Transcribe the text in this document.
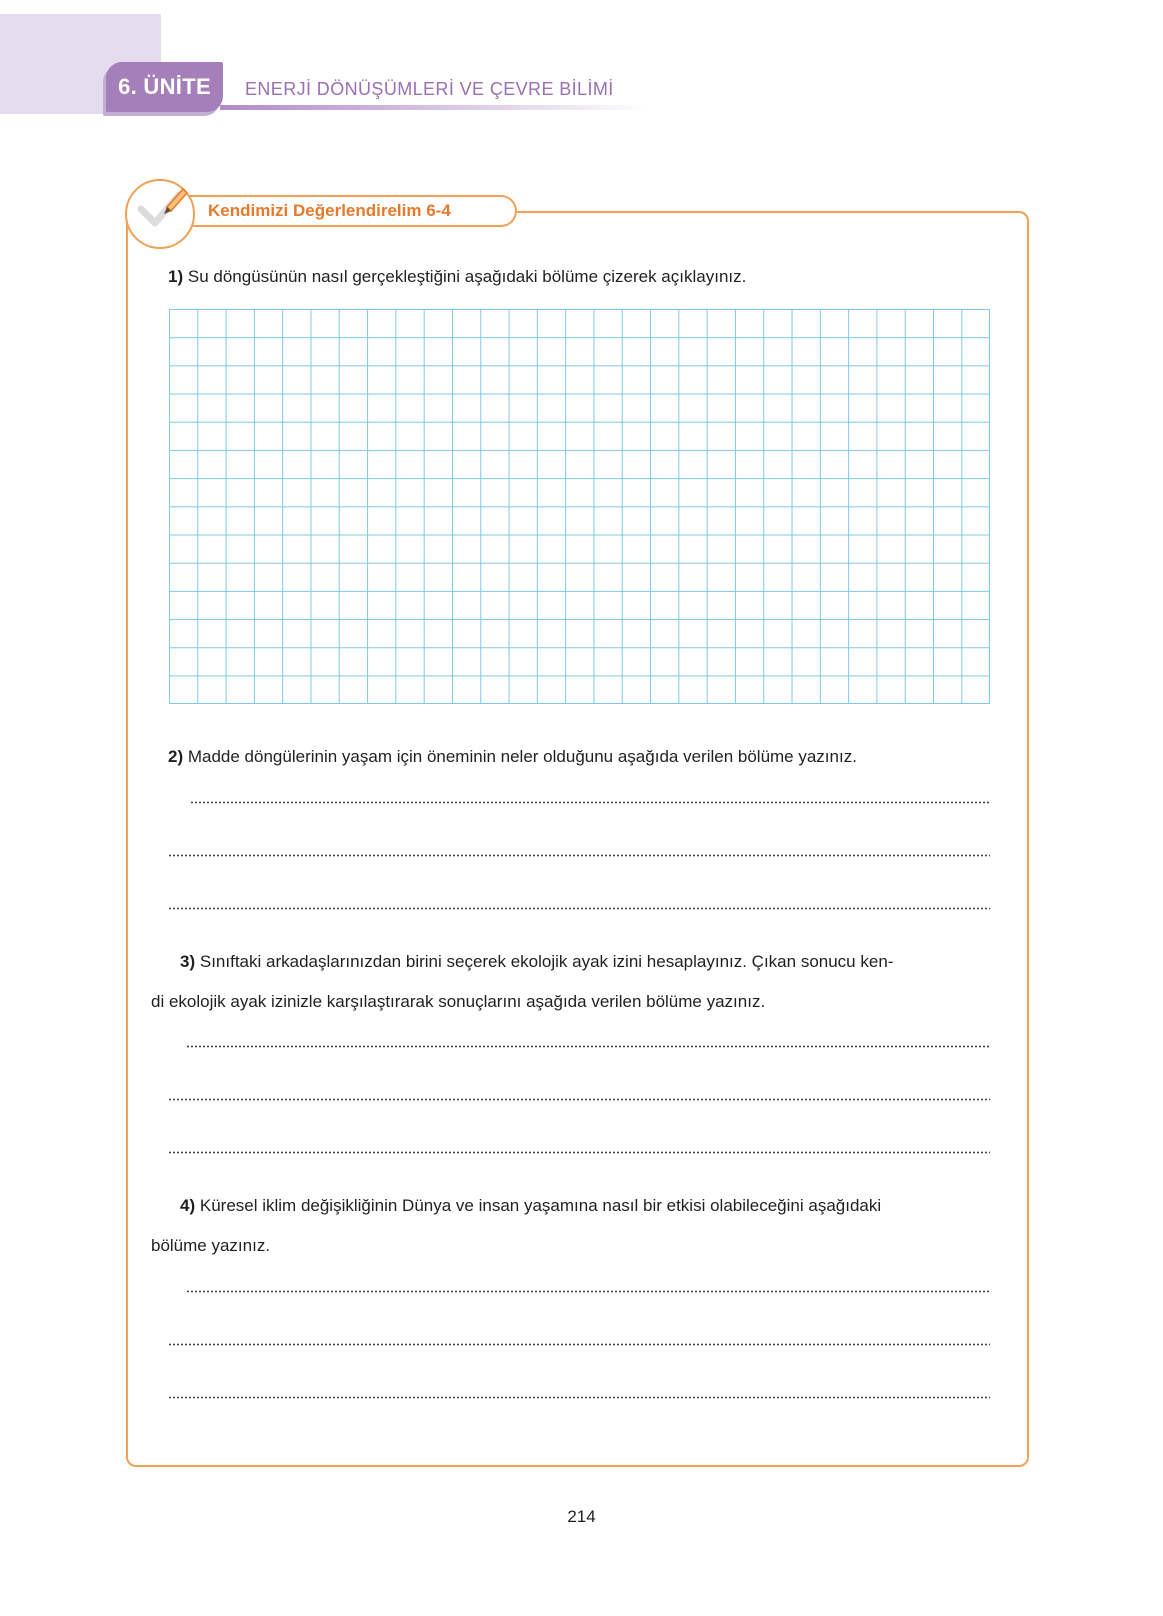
6. ÜNİTE	ENERJİ DÖNÜŞÜMLERİ VE ÇEVRE BİLİMİ
Kendimizi Değerlendirelim 6-4
1) Su döngüsünün nasıl gerçekleştiğini aşağıdaki bölüme çizerek açıklayınız.
2) Madde döngülerinin yaşam için öneminin neler olduğunu aşağıda verilen bölüme yazınız.
3) Sınıftaki arkadaşlarınızdan birini seçerek ekolojik ayak izini hesaplayınız. Çıkan sonucu ken-
di ekolojik ayak izinizle karşılaştırarak sonuçlarını aşağıda verilen bölüme yazınız.
4) Küresel iklim değişikliğinin Dünya ve insan yaşamına nasıl bir etkisi olabileceğini aşağıdaki
bölüme yazınız.
214
